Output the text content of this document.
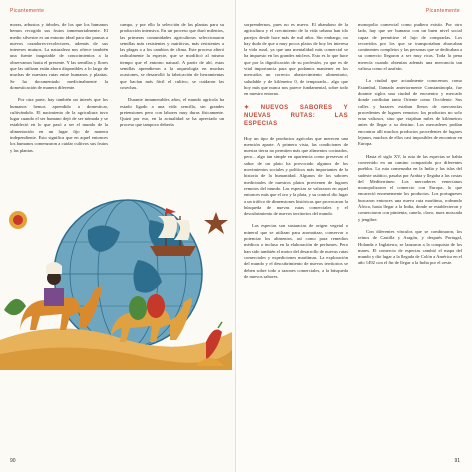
Picantemente

moras, arbustos y árboles, de los que los humanos hemos recogido sus frutos inmemorialmente. El medio silvestre es un entorno ideal para dar pausas a nuevos cazadores-recolectores, además de sus intereses mutuos. La naturaleza nos ofrece también una fuente inagotable de conocimientos a la observamos hasta el presente. Y las semillas y flores que las utilizan están ahora disponibles a lo largo de muchas de nuestras rutas entre humanos y plantas. Se ha documentado medicinalmente la domesticación de manera diferente.

Por otra parte, hay también un interés que los humanos hemos aprendido a domesticar, cultivándolo. El nacimiento de la agricultura tuvo lugar cuando el ser humano dejó de ser nómada y se estableció en lo que pasó a ser el mundo de la alimentación en un lugar fijo de manera independiente. Esto significa que en aquel entonces los humanos comenzaron a cuidar cultivos sus frutos y las plantas.

campo, y por ello la selección de las plantas para su producción intensiva. En un proceso que duró milenios, las primeras comunidades agricultoras seleccionaron semillas más resistentes y nutritivas, más resistentes a las plagas o a los cambios de clima. Este proceso alteró radicalmente la especie, que se modificó al mismo tiempo que el entorno natural. A partir de ahí, estas semillas aprendieron a la arqueología en muchas ocasiones, se desarrolló la fabricación de herramientas que hacían más fácil el cultivo, se cuidaron las cosechas.

Durante innumerables años, el mundo agrícola ha estado ligado a una vida sencilla, sin grandes pretensiones pero con labores muy duras físicamente. Quizá por eso, en la actualidad se ha apreciado un proceso que tampoco debería

90
Picantemente

sorprendernos, pues no es nuevo. El abandono de la agricultura y el crecimiento de la vida urbana han ido parejos desde hace más de mil años. Sin embargo, no hay duda de que a muy pocos platos de hoy les interesa la vida rural, ya que una mentalidad más comercial se ha impuesto en los grandes núcleos. Esto es lo que hace que por la dignificación de su profesión, ya que es de vital importancia para que podamos mantener en los mercados un correcto abastecimiento alimentario, saludable y de kilómetro 0, de temporada... algo que hoy más que nunca nos parece fundamental, sobre todo en nuestro entorno.

✦ NUEVOS SABORES Y NUEVAS RUTAS: LAS ESPECIAS

Hoy un tipo de productos agrícolas que merecen una mención aparte. A primera vista, las condiciones de nuestra tierra no permiten más que alimentos cocinados, pero... algo tan simple en apariencia como preservar el sabor de un plato ha provocado algunos de los movimientos sociales y políticos más importantes de la historia de la humanidad. Algunos de los sabores medicinales de nuestros platos provienen de lugares remotos del mundo. Las especias se valoraron en aquel entonces más que el oro y la plata, y su control dio lugar a un tráfico de dimensiones históricas que provocaron la búsqueda de nuevas rutas comerciales y el descubrimiento de nuevos territorios del mundo.

Las especias son sustancias de origen vegetal o mineral que se utilizan para aromatizar, conservar o potenciar los alimentos, así como para remedios médicos o incluso en la elaboración de perfumes. Pero han sido también el motor del desarrollo de nuevas rutas comerciales y expediciones marítimas. La exploración del mundo y el descubrimiento de nuevos territorios se deben sobre todo a razones comerciales, a la búsqueda de nuevos sabores.

monopolio comercial como pudiera existir. Por otro lado, hay que ser humano con un buen nivel social capaz de permitirse el lujo de comprarlas. Los recorridos por los que se transportaban abarcaban continentes completos y las personas que se dedicaban a su comercio llegaron a ser muy ricas. Toda la pena merecía cuando obtenían además una mercancía tan valiosa como el azafrán.

La ciudad que actualmente conocemos como Estambul, llamada anteriormente Constantinopla, fue durante siglos una ciudad de encuentro y mercado donde confluían tanto Oriente como Occidente. Sus calles y bazares estaban llenos de mercancías procedentes de lugares remotos: los productos no solo eran valiosos, sino que viajaban miles de kilómetros antes de llegar a su destino. Los mercaderes podían encontrar allí muchos productos procedentes de lugares lejanos, muchos de ellos casi imposibles de encontrar en Europa.

Hasta el siglo XV, la ruta de las especias se había convertido en un camino compartido por diferentes pueblos. La ruta comenzaba en la India y las islas del sudeste asiático, pasaba por Arabia y llegaba a las costas del Mediterráneo. Los mercaderes venecianos monopolizaron el comercio con Europa, lo que encareció enormemente los productos. Los portugueses buscaron entonces una nueva ruta marítima, rodeando África, hasta llegar a la India, donde se establecieron y comerciaron con pimienta, canela, clavo, nuez moscada y jengibre.

Con diferentes vínculos que se combinaron, los reinos de Castilla y Aragón, y después Portugal, Holanda e Inglaterra, se lanzaron a la conquista de los mares. El comercio de especias cambió el mapa del mundo y dio lugar a la llegada de Colón a América en el año 1492 con el fin de llegar a la India por el oeste.

91
